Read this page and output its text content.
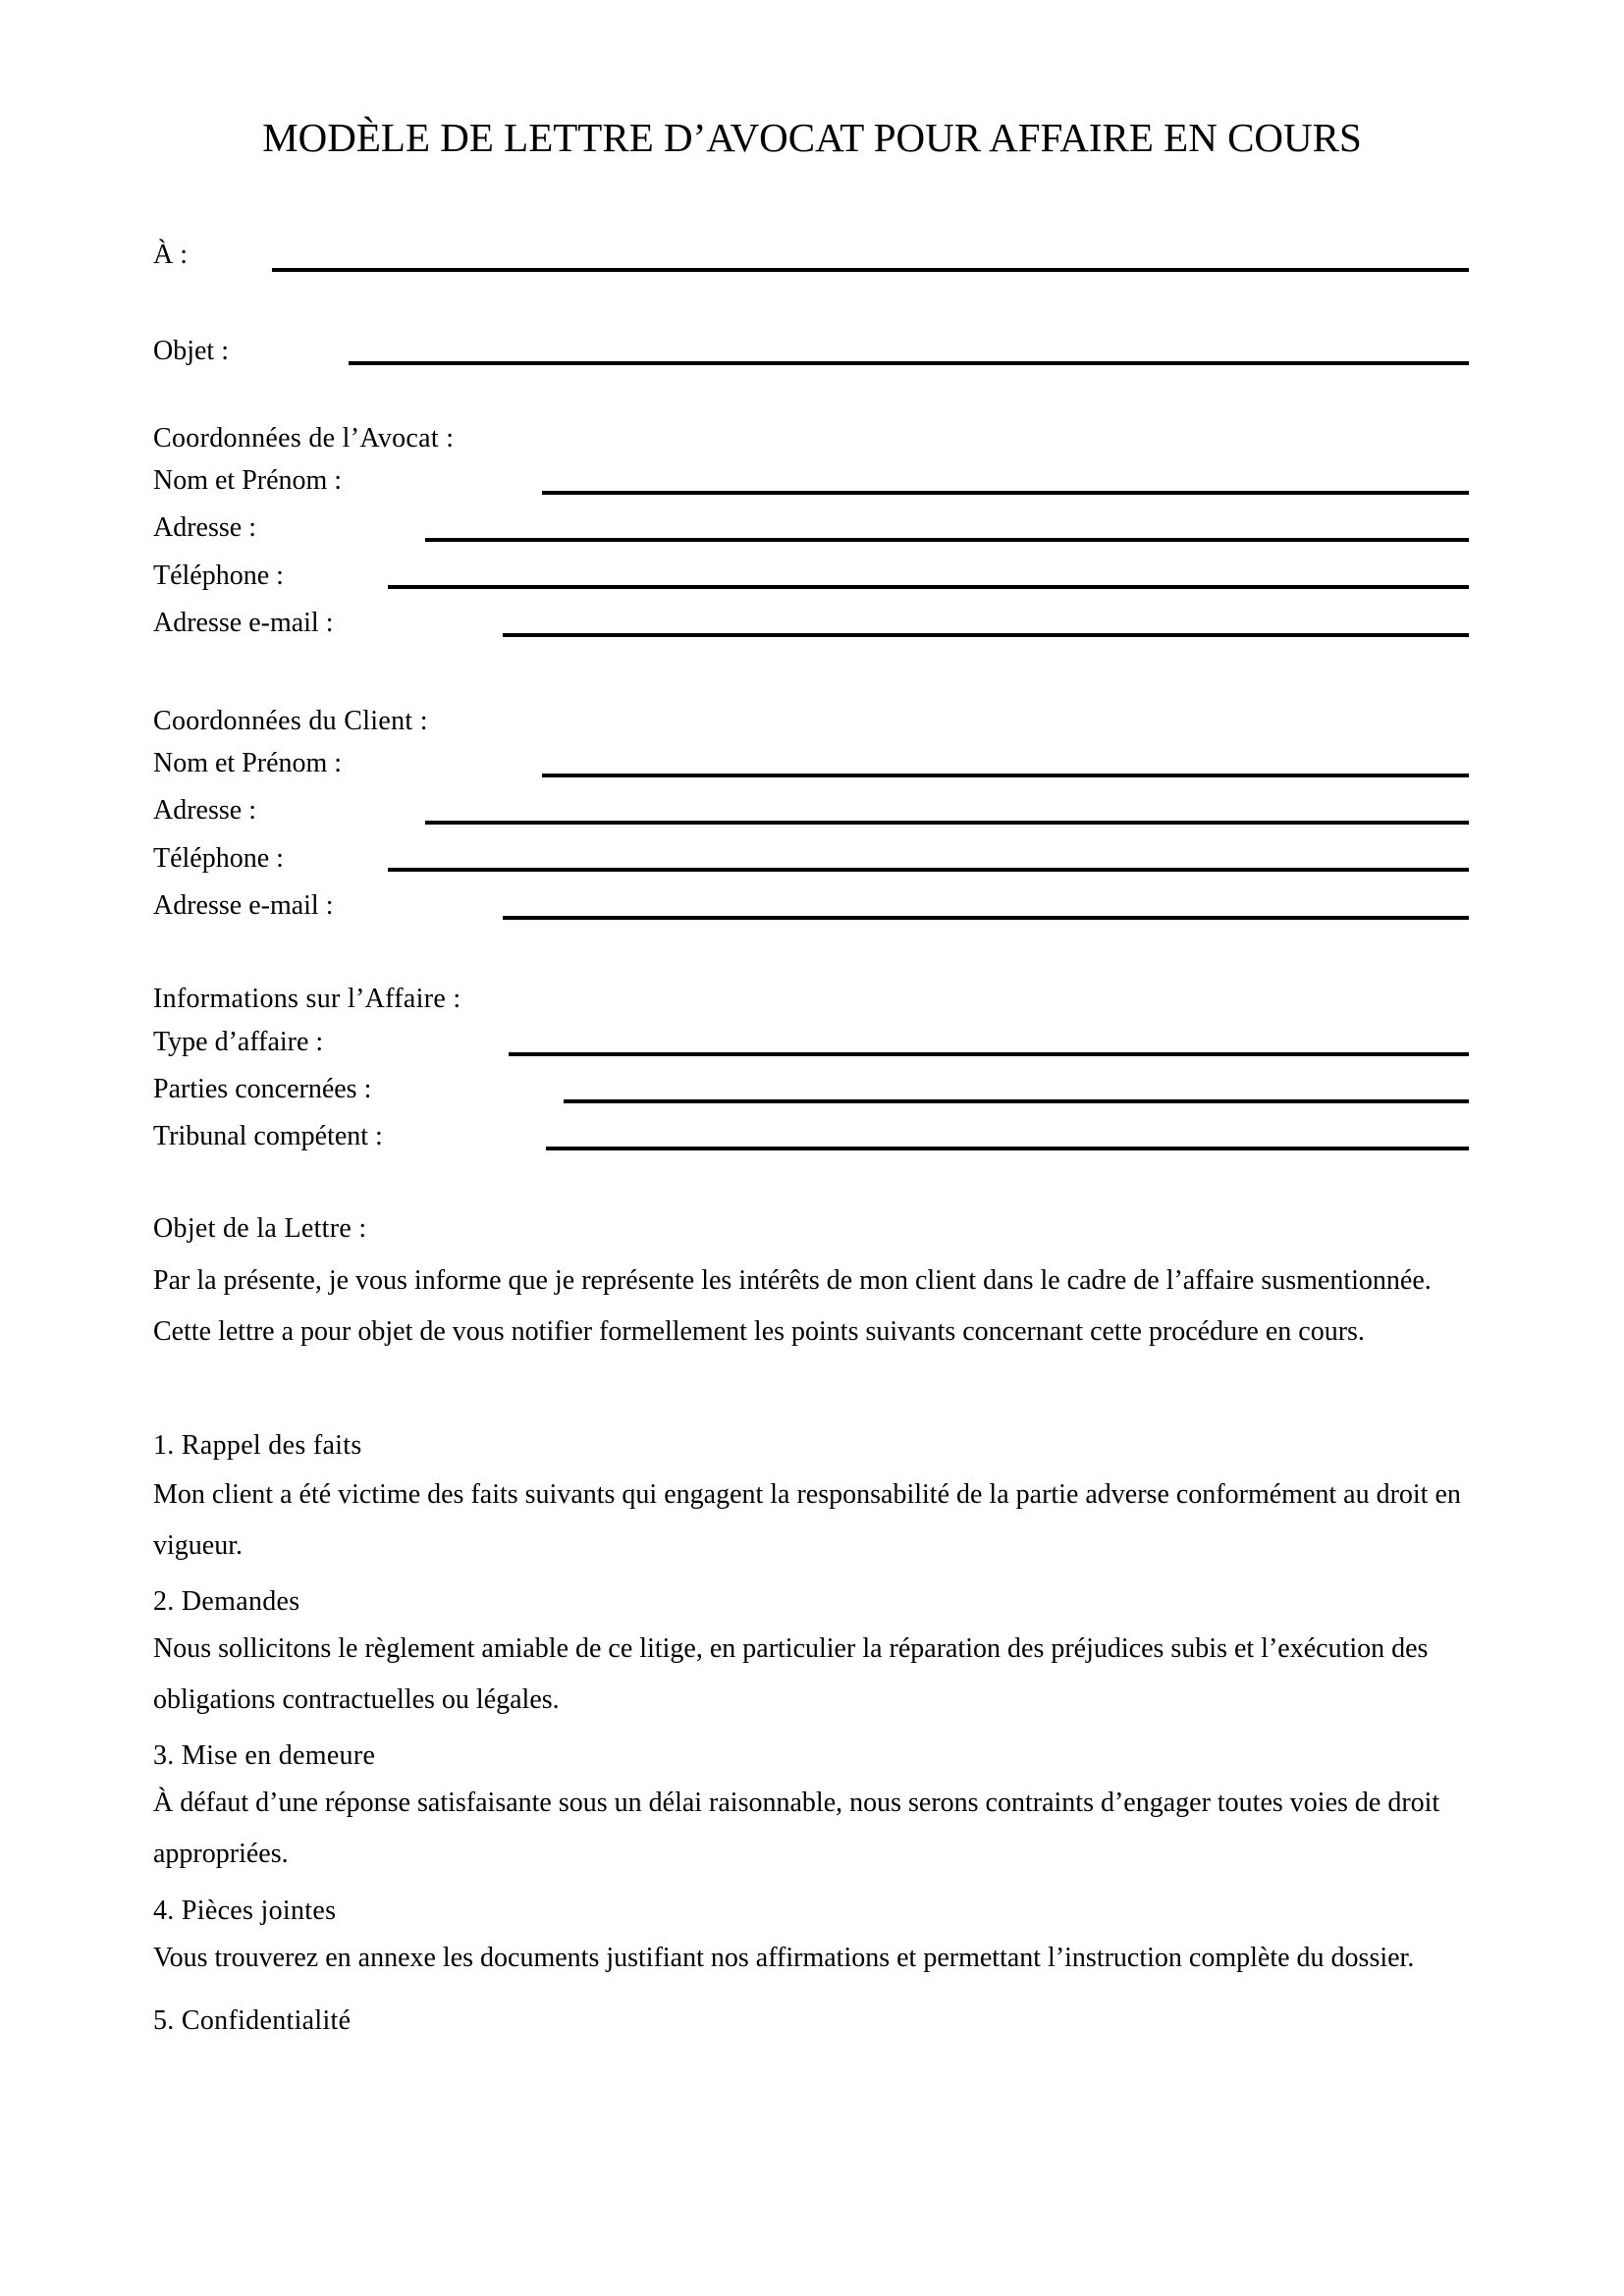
MODÈLE DE LETTRE D’AVOCAT POUR AFFAIRE EN COURS
À :
Objet :
Coordonnées de l’Avocat :
Nom et Prénom :
Adresse :
Téléphone :
Adresse e-mail :
Coordonnées du Client :
Nom et Prénom :
Adresse :
Téléphone :
Adresse e-mail :
Informations sur l’Affaire :
Type d’affaire :
Parties concernées :
Tribunal compétent :
Objet de la Lettre :

Par la présente, je vous informe que je représente les intérêts de mon client dans le cadre de l’affaire susmentionnée. Cette lettre a pour objet de vous notifier formellement les points suivants concernant cette procédure en cours.

1. Rappel des faits

Mon client a été victime des faits suivants qui engagent la responsabilité de la partie adverse conformément au droit en vigueur.

2. Demandes

Nous sollicitons le règlement amiable de ce litige, en particulier la réparation des préjudices subis et l’exécution des obligations contractuelles ou légales.

3. Mise en demeure

À défaut d’une réponse satisfaisante sous un délai raisonnable, nous serons contraints d’engager toutes voies de droit appropriées.

4. Pièces jointes

Vous trouverez en annexe les documents justifiant nos affirmations et permettant l’instruction complète du dossier.

5. Confidentialité
